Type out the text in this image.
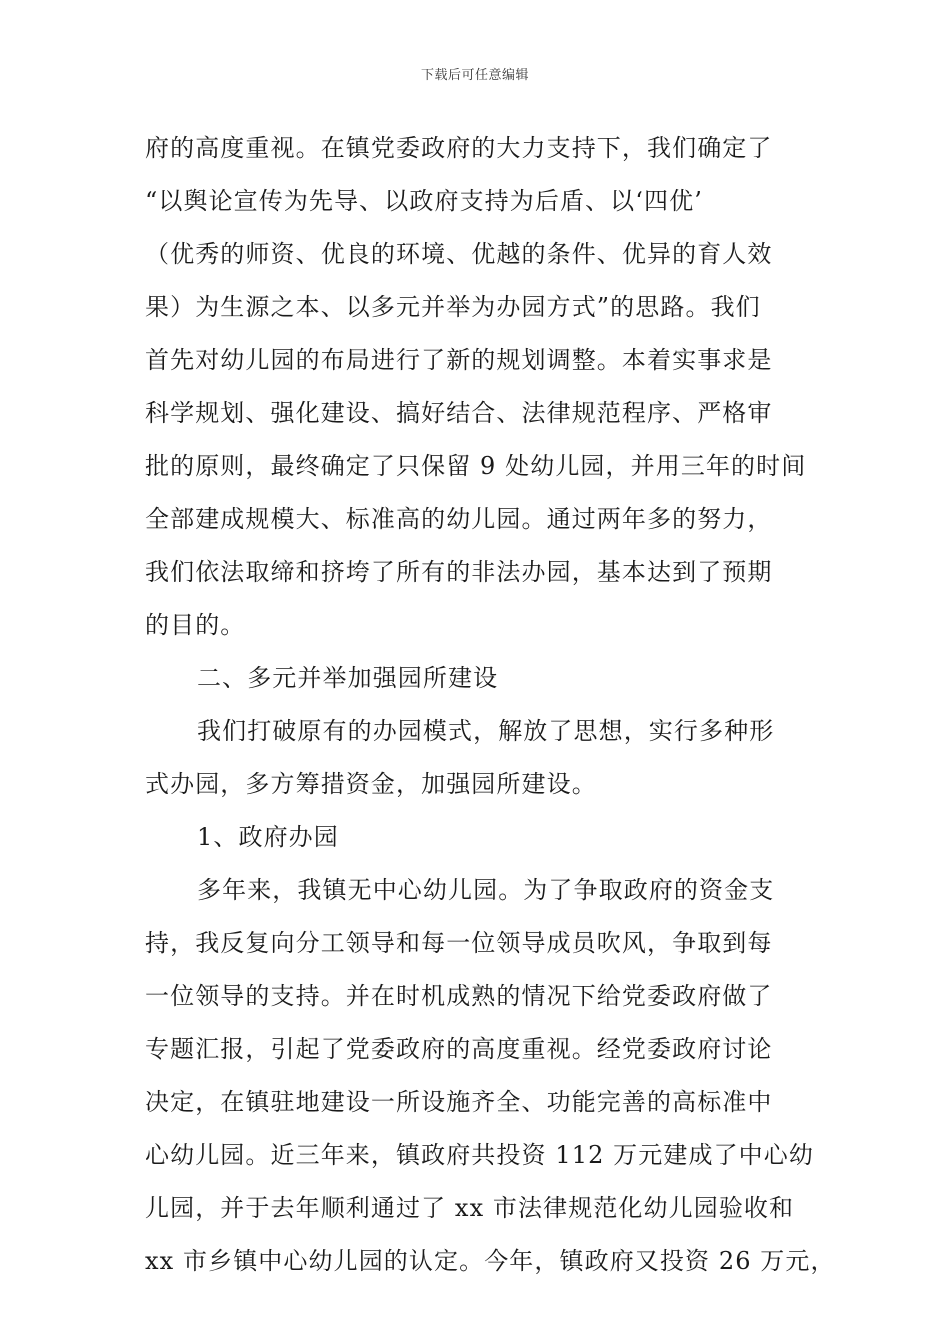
下载后可任意编辑
府的高度重视。在镇党委政府的大力支持下，我们确定了
“以舆论宣传为先导、以政府支持为后盾、以‘四优’
（优秀的师资、优良的环境、优越的条件、优异的育人效
果）为生源之本、以多元并举为办园方式”的思路。我们
首先对幼儿园的布局进行了新的规划调整。本着实事求是
科学规划、强化建设、搞好结合、法律规范程序、严格审
批的原则，最终确定了只保留 9 处幼儿园，并用三年的时间
全部建成规模大、标准高的幼儿园。通过两年多的努力，
我们依法取缔和挤垮了所有的非法办园，基本达到了预期
的目的。
二、多元并举加强园所建设
我们打破原有的办园模式，解放了思想，实行多种形
式办园，多方筹措资金，加强园所建设。
1、政府办园
多年来，我镇无中心幼儿园。为了争取政府的资金支
持，我反复向分工领导和每一位领导成员吹风，争取到每
一位领导的支持。并在时机成熟的情况下给党委政府做了
专题汇报，引起了党委政府的高度重视。经党委政府讨论
决定，在镇驻地建设一所设施齐全、功能完善的高标准中
心幼儿园。近三年来，镇政府共投资 112 万元建成了中心幼
儿园，并于去年顺利通过了 xx 市法律规范化幼儿园验收和
xx 市乡镇中心幼儿园的认定。今年，镇政府又投资 26 万元，
